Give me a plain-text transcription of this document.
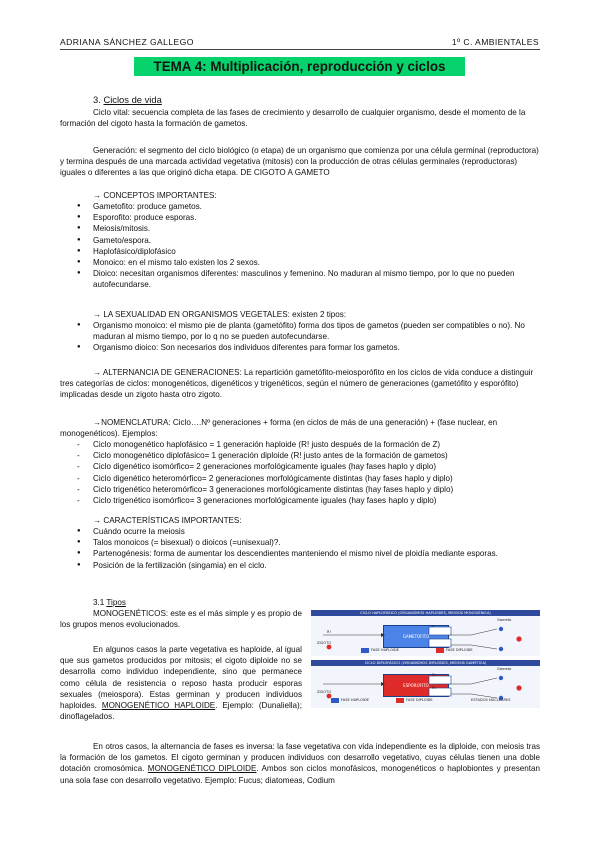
ADRIANA SÁNCHEZ GALLEGO	1º C. AMBIENTALES
TEMA 4: Multiplicación, reproducción y ciclos
3. Ciclos de vida

Ciclo vital: secuencia completa de las fases de crecimiento y desarrollo de cualquier organismo, desde el momento de la formación del cigoto hasta la formación de gametos.

Generación: el segmento del ciclo biológico (o etapa) de un organismo que comienza por una célula germinal (reproductora) y termina después de una marcada actividad vegetativa (mitosis) con la producción de otras células germinales (reproductoras) iguales o diferentes a las que originó dicha etapa. DE CIGOTO A GAMETO

→ CONCEPTOS IMPORTANTES:

● Gametofito: produce gametos.
● Esporofito: produce esporas.
● Meiosis/mitosis.
● Gameto/espora.
● Haplofásico/diplofásico
● Monoico: en el mismo talo existen los 2 sexos.
● Dioico: necesitan organismos diferentes: masculinos y femenino. No maduran al mismo tiempo, por lo que no pueden autofecundarse.

→ LA SEXUALIDAD EN ORGANISMOS VEGETALES: existen 2 tipos:

● Organismo monoico: el mismo pie de planta (gametófito) forma dos tipos de gametos (pueden ser compatibles o no). No maduran al mismo tiempo, por lo q no se pueden autofecundarse.
● Organismo dioico: Son necesarios dos individuos diferentes para formar los gametos.

→ ALTERNANCIA DE GENERACIONES: La repartición gametófito-meiosporófito en los ciclos de vida conduce a distinguir tres categorías de ciclos: monogenéticos, digenéticos y trigenéticos, según el número de generaciones (gametófito y esporófito) implicadas desde un zigoto hasta otro zigoto.

→NOMENCLATURA: Ciclo….Nº generaciones + forma (en ciclos de más de una generación) + (fase nuclear, en monogenéticos). Ejemplos:

- Ciclo monogenético haplofásico = 1 generación haploide (R! justo después de la formación de Z)
- Ciclo monogenético diplofásico= 1 generación diploide (R! justo antes de la formación de gametos)
- Ciclo digenético isomórfico= 2 generaciones morfológicamente iguales (hay fases haplo y diplo)
- Ciclo digenético heteromórfico= 2 generaciones morfológicamente distintas (hay fases haplo y diplo)
- Ciclo trigenético heteromórfico= 3 generaciones morfológicamente distintas (hay fases haplo y diplo)
- Ciclo trigenético isomórfico= 3 generaciones morfológicamente iguales (hay fases haplo y diplo)

→ CARACTERÍSTICAS IMPORTANTES:

● Cuándo ocurre la meiosis
● Talos monoicos (= bisexual) o dioicos (=unisexual)?.
● Partenogénesis: forma de aumentar los descendientes manteniendo el mismo nivel de ploidía mediante esporas.
● Posición de la fertilización (singamia) en el ciclo.
3.1 Tipos

MONOGENÉTICOS: este es el más simple y es propio de los grupos menos evolucionados.

En algunos casos la parte vegetativa es haploide, al igual que sus gametos producidos por mitosis; el cigoto diploide no se desarrolla como individuo independiente, sino que permanece como célula de resistencia o reposo hasta producir esporas sexuales (meiospora). Estas germinan y producen individuos haploides. MONOGENÉTICO HAPLOIDE. Ejemplo: (Dunaliella); dinoflagelados.

En otros casos, la alternancia de fases es inversa: la fase vegetativa con vida independiente es la diploide, con meiosis tras la formación de los gametos. El cigoto germinan y producen individuos con desarrollo vegetativo, cuyas células tienen una doble dotación cromosómica. MONOGENÉTICO DIPLOIDE. Ambos son ciclos monofásicos, monogenéticos o haplobiontes y presentan una sola fase con desarrollo vegetativo. Ejemplo: Fucus; diatomeas, Codium

CICLO HAPLOFÁSICO (ORGANISMOS HAPLOIDES, MEIOSIS MONOGÉNICA)
GAMETOFITO
ZIGOTO
Gameto
n
R!
FASE HAPLOIDE	FASE DIPLOIDE
CICLO DIPLOFÁSICO (ORGANISMOS DIPLOIDES, MEIOSIS GAMÉTICA)
ESPOROFITO
ZIGOTO
Gameto
2n
R!
FASE HAPLOIDE	FASE DIPLOIDE	ESTADOS NUCLEARES
